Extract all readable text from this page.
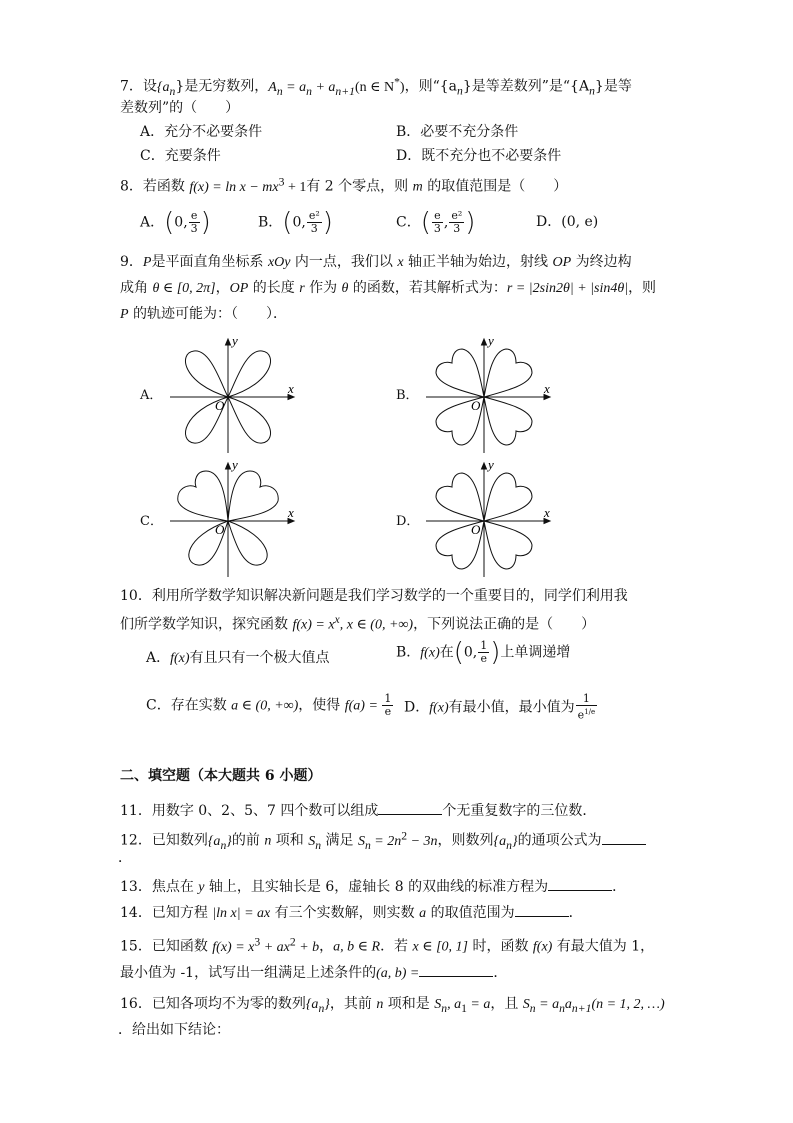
7．设$\{a_n\}$是无穷数列，$A_n = a_n + a_{n+1}(n$ ∈ N*)，则“$\{a_n\}$是等差数列”是“$\{A_n\}$是等
差数列”的（　　）
A．充分不必要条件	B．必要不充分条件
C．充要条件	D．既不充分也不必要条件
8．若函数 $f(x) = \ln x - mx^3 + 1$有 2 个零点，则 m 的取值范围是（　　）
A．(0, $\frac{e}{3}$ )	B．(0, $\frac{\text{e²}}{3}$ )	C．( $\frac{e}{3}$ , $\frac{\text{e²}}{3}$ )	D．(0, e)
9．P是平面直角坐标系 xOy 内一点，我们以 x 轴正半轴为始边，射线 OP 为终边构
成角 θ ∈ [0, 2π]，OP 的长度 r 作为 θ 的函数，若其解析式为：r = |2sin2θ| + |sin4θ|，则
P 的轨迹可能为：（　　）．
A．	B．
C．	D．
x
y
O
x
y
O
x
y
O
x
y
O
10．利用所学数学知识解决新问题是我们学习数学的一个重要目的，同学们利用我
们所学数学知识，探究函数 $f(x) = x^x$, x ∈ (0, +∞)，下列说法正确的是（　　）
A．f(x)有且只有一个极大值点	B．f(x)在(0, $\frac{1}{e}$ )上单调递增
C．存在实数 a ∈ (0, +∞)，使得 $f(a) = \frac{1}{e}$ D．f(x)有最小值，最小值为 $\frac{1}{e^{1/e}}$
二、填空题（本大题共 6 小题）
11．用数字 0、2、5、7 四个数可以组成	个无重复数字的三位数．
12．已知数列$\{a_n\}$的前 n 项和 $S_n$ 满足 $S_n = 2n^2 - 3n$，则数列$\{a_n\}$的通项公式为
．
13．焦点在 y 轴上，且实轴长是 6，虚轴长 8 的双曲线的标准方程为	．
14．已知方程 |ln x| = ax 有三个实数解，则实数 a 的取值范围为	．
15．已知函数 $f(x) = x^3 + ax^2 + b$，a, b ∈ R．若 x ∈ [0, 1] 时，函数 f(x) 有最大值为 1，
最小值为 -1，试写出一组满足上述条件的(a, b) =	．
16．已知各项均不为零的数列$\{a_n\}$，其前 n 项和是 $S_n$, $a_1 = a$，且 $S_n = a_na_{n+1}(n = 1$, 2, …)
．给出如下结论：
